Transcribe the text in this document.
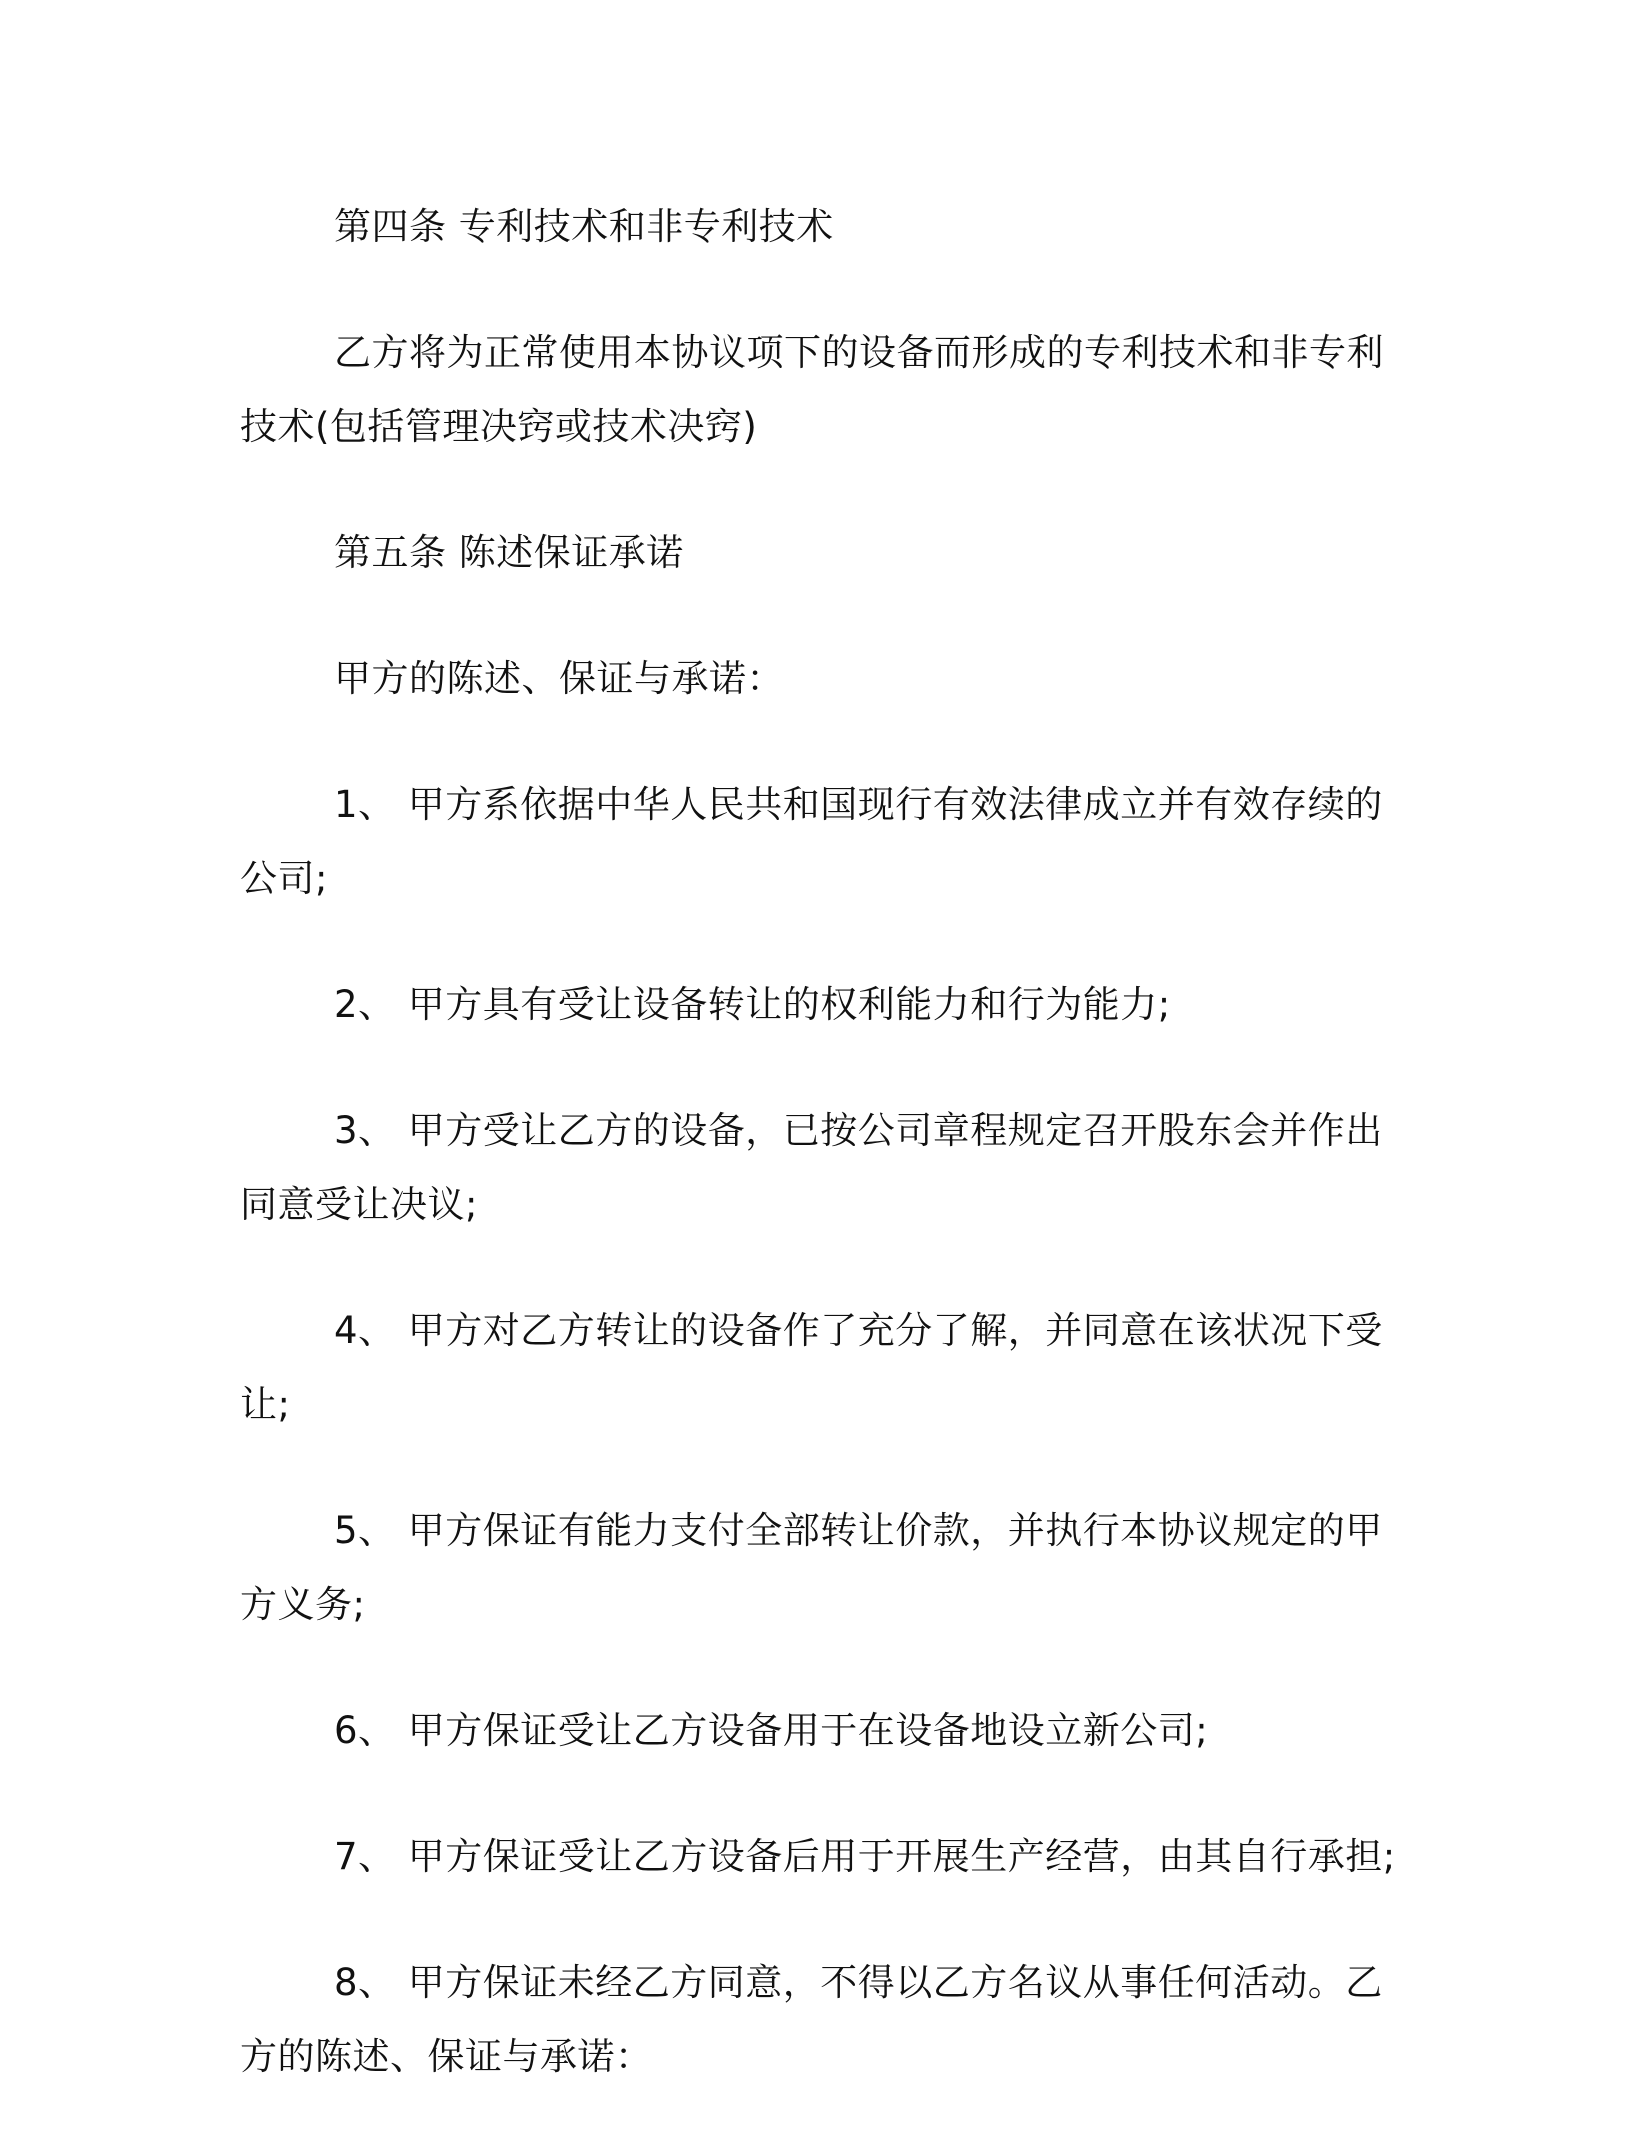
第四条 专利技术和非专利技术

乙方将为正常使用本协议项下的设备而形成的专利技术和非专利技术(包括管理决窍或技术决窍)

第五条 陈述保证承诺

甲方的陈述、保证与承诺：

1、 甲方系依据中华人民共和国现行有效法律成立并有效存续的公司;

2、 甲方具有受让设备转让的权利能力和行为能力;

3、 甲方受让乙方的设备，已按公司章程规定召开股东会并作出同意受让决议;

4、 甲方对乙方转让的设备作了充分了解，并同意在该状况下受让;

5、 甲方保证有能力支付全部转让价款，并执行本协议规定的甲方义务;

6、 甲方保证受让乙方设备用于在设备地设立新公司;

7、 甲方保证受让乙方设备后用于开展生产经营，由其自行承担;

8、 甲方保证未经乙方同意，不得以乙方名议从事任何活动。乙方的陈述、保证与承诺：
